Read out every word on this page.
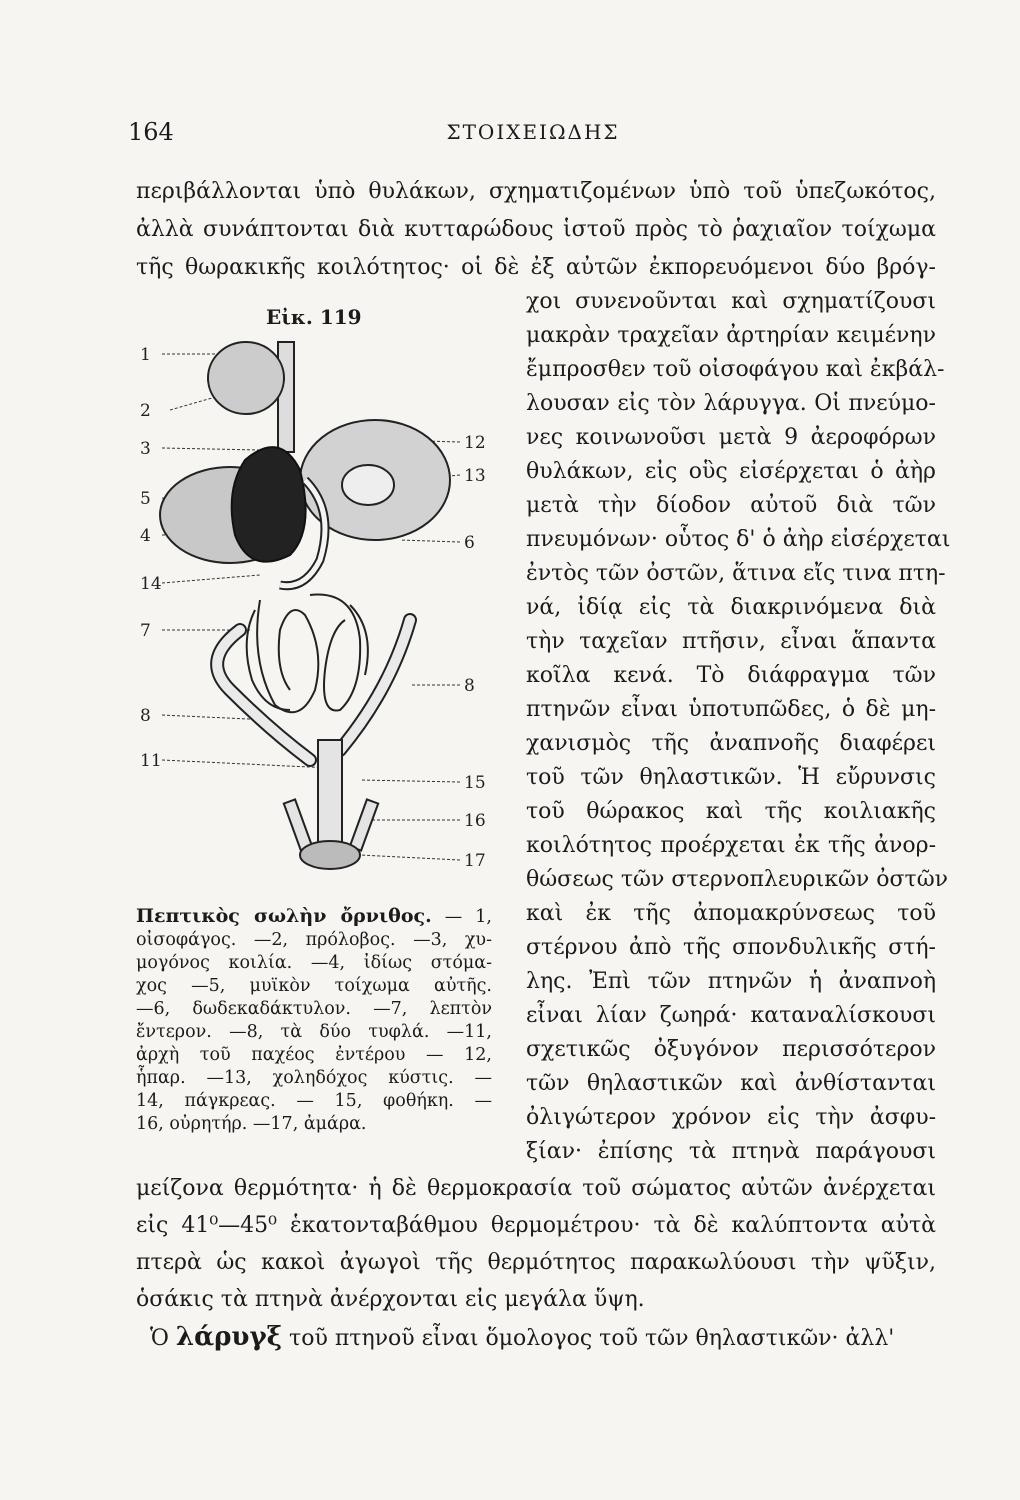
164	ΣΤΟΙΧΕΙΩΔΗΣ
περιβάλλονται ὑπὸ θυλάκων, σχηματιζομένων ὑπὸ τοῦ ὑπεζωκότος,
ἀλλὰ συνάπτονται διὰ κυτταρώδους ἱστοῦ πρὸς τὸ ῥαχιαῖον τοίχωμα
τῆς θωρακικῆς κοιλότητος· οἱ δὲ ἐξ αὐτῶν ἐκπορευόμενοι δύο βρόγ-
χοι συνενοῦνται καὶ σχηματίζουσι
μακρὰν τραχεῖαν ἀρτηρίαν κειμένην
ἔμπροσθεν τοῦ οἰσοφάγου καὶ ἐκβάλ-
λουσαν εἰς τὸν λάρυγγα. Οἱ πνεύμο-
νες κοινωνοῦσι μετὰ 9 ἀεροφόρων
θυλάκων, εἰς οὓς εἰσέρχεται ὁ ἀὴρ
μετὰ τὴν δίοδον αὐτοῦ διὰ τῶν
πνευμόνων· οὗτος δ' ὁ ἀὴρ εἰσέρχεται
ἐντὸς τῶν ὀστῶν, ἅτινα εἴς τινα πτη-
νά, ἰδίᾳ εἰς τὰ διακρινόμενα διὰ
τὴν ταχεῖαν πτῆσιν, εἶναι ἅπαντα
κοῖλα κενά. Τὸ διάφραγμα τῶν
πτηνῶν εἶναι ὑποτυπῶδες, ὁ δὲ μη-
χανισμὸς τῆς ἀναπνοῆς διαφέρει
τοῦ τῶν θηλαστικῶν. Ἡ εὔρυνσις
τοῦ θώρακος καὶ τῆς κοιλιακῆς
κοιλότητος προέρχεται ἐκ τῆς ἀνορ-
θώσεως τῶν στερνοπλευρικῶν ὀστῶν
καὶ ἐκ τῆς ἀπομακρύνσεως τοῦ
στέρνου ἀπὸ τῆς σπονδυλικῆς στή-
λης. Ἐπὶ τῶν πτηνῶν ἡ ἀναπνοὴ
εἶναι λίαν ζωηρά· καταναλίσκουσι
σχετικῶς ὀξυγόνον περισσότερον
τῶν θηλαστικῶν καὶ ἀνθίστανται
ὀλιγώτερον χρόνον εἰς τὴν ἀσφυ-
ξίαν· ἐπίσης τὰ πτηνὰ παράγουσι
μείζονα θερμότητα· ἡ δὲ θερμοκρασία τοῦ σώματος αὐτῶν ἀνέρχεται
εἰς 41⁰—45⁰ ἑκατονταβάθμου θερμομέτρου· τὰ δὲ καλύπτοντα αὐτὰ
πτερὰ ὡς κακοὶ ἀγωγοὶ τῆς θερμότητος παρακωλύουσι τὴν ψῦξιν,
ὁσάκις τὰ πτηνὰ ἀνέρχονται εἰς μεγάλα ὕψη.
Ὁ λάρυγξ τοῦ πτηνοῦ εἶναι ὅμολογος τοῦ τῶν θηλαστικῶν· ἀλλ'
Εἰκ. 119
1
2
3
5
4
14
7
8
11
12
13
6
8
15
16
17
Πεπτικὸς σωλὴν ὄρνιθος. — 1,
οἰσοφάγος. —2, πρόλοβος. —3, χυ-
μογόνος κοιλία. —4, ἰδίως στόμα-
χος —5, μυϊκὸν τοίχωμα αὐτῆς.
—6, δωδεκαδάκτυλον. —7, λεπτὸν
ἔντερον. —8, τὰ δύο τυφλά. —11,
ἀρχὴ τοῦ παχέος ἐντέρου — 12,
ἧπαρ. —13, χοληδόχος κύστις. —
14, πάγκρεας. — 15, φοθήκη. —
16, οὐρητήρ. —17, ἀμάρα.
